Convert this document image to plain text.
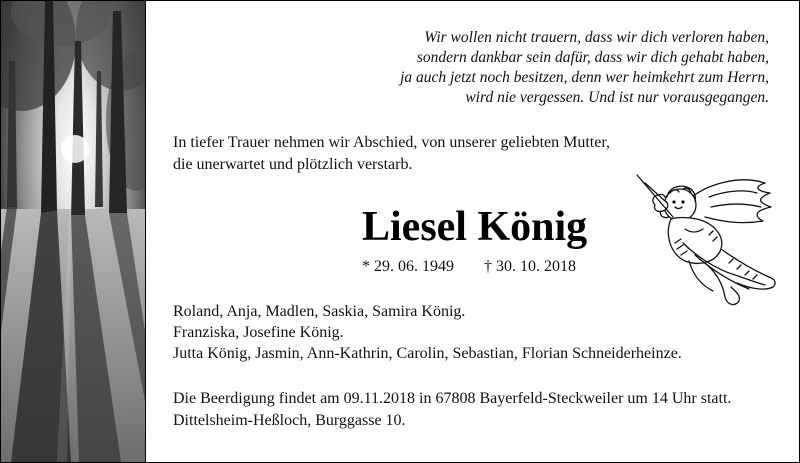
Wir wollen nicht trauern, dass wir dich verloren haben,
sondern dankbar sein dafür, dass wir dich gehabt haben,
ja auch jetzt noch besitzen, denn wer heimkehrt zum Herrn,
wird nie vergessen. Und ist nur vorausgegangen.
In tiefer Trauer nehmen wir Abschied, von unserer geliebten Mutter,
die unerwartet und plötzlich verstarb.
Liesel König
* 29. 06. 1949 † 30. 10. 2018
Roland, Anja, Madlen, Saskia, Samira König.
Franziska, Josefine König.
Jutta König, Jasmin, Ann-Kathrin, Carolin, Sebastian, Florian Schneiderheinze.
Die Beerdigung findet am 09.11.2018 in 67808 Bayerfeld-Steckweiler um 14 Uhr statt.
Dittelsheim-Heßloch, Burggasse 10.
